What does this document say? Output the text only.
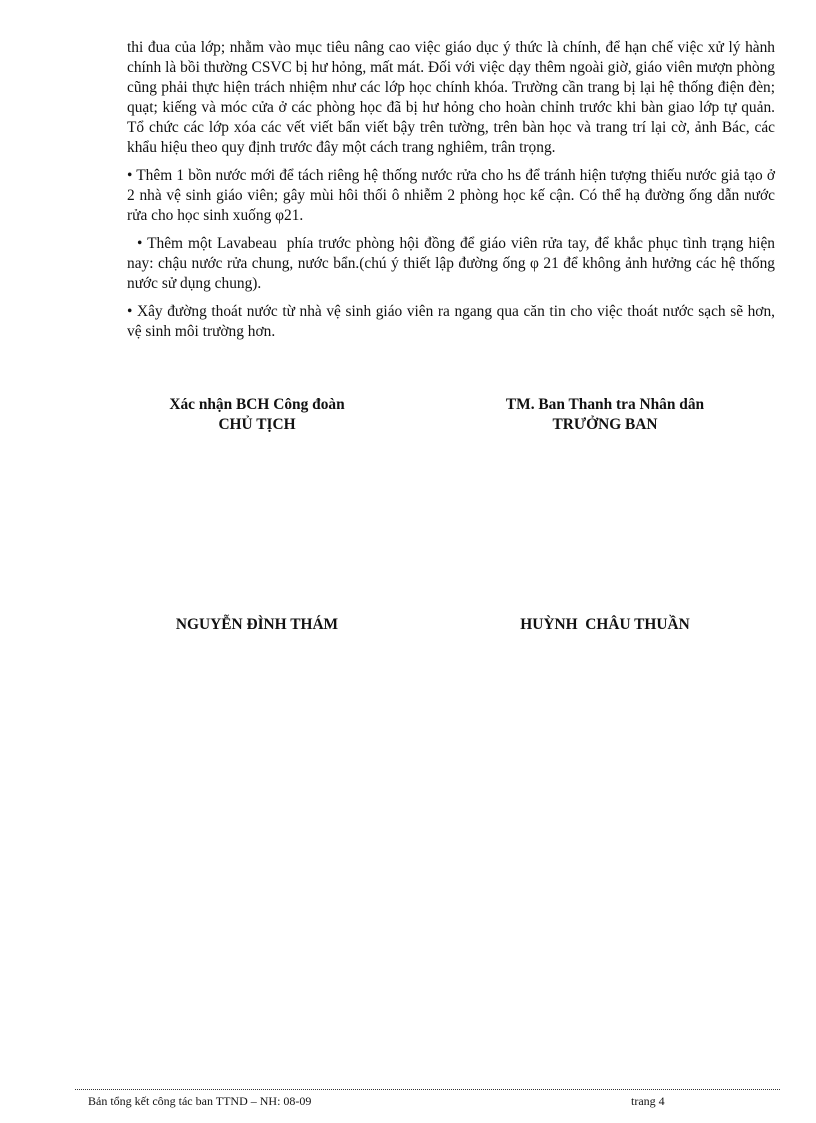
thi đua của lớp; nhằm vào mục tiêu nâng cao việc giáo dục ý thức là chính, để hạn chế việc xử lý hành chính là bồi thường CSVC bị hư hỏng, mất mát. Đối với việc dạy thêm ngoài giờ, giáo viên mượn phòng cũng phải thực hiện trách nhiệm như các lớp học chính khóa. Trường cần trang bị lại hệ thống điện đèn; quạt; kiếng và móc cửa ở các phòng học đã bị hư hỏng cho hoàn chỉnh trước khi bàn giao lớp tự quản. Tổ chức các lớp xóa các vết viết bẩn viết bậy trên tường, trên bàn học và trang trí lại cờ, ảnh Bác, các khẩu hiệu theo quy định trước đây một cách trang nghiêm, trân trọng.

• Thêm 1 bồn nước mới để tách riêng hệ thống nước rửa cho hs để tránh hiện tượng thiếu nước giả tạo ở 2 nhà vệ sinh giáo viên; gây mùi hôi thối ô nhiễm 2 phòng học kế cận. Có thể hạ đường ống dẫn nước rửa cho học sinh xuống φ21.

• Thêm một Lavabeau  phía trước phòng hội đồng để giáo viên rửa tay, để khắc phục tình trạng hiện nay: chậu nước rửa chung, nước bẩn.(chú ý thiết lập đường ống φ 21 để không ảnh hưởng các hệ thống nước sử dụng chung).

• Xây đường thoát nước từ nhà vệ sinh giáo viên ra ngang qua căn tin cho việc thoát nước sạch sẽ hơn, vệ sinh môi trường hơn.

Xác nhận BCH Công đoàn
CHỦ TỊCH
NGUYỄN ĐÌNH THÁM
TM. Ban Thanh tra Nhân dân
TRƯỞNG BAN
HUỲNH  CHÂU THUẦN
Bản tổng kết công tác ban TTND – NH: 08-09	trang 4
